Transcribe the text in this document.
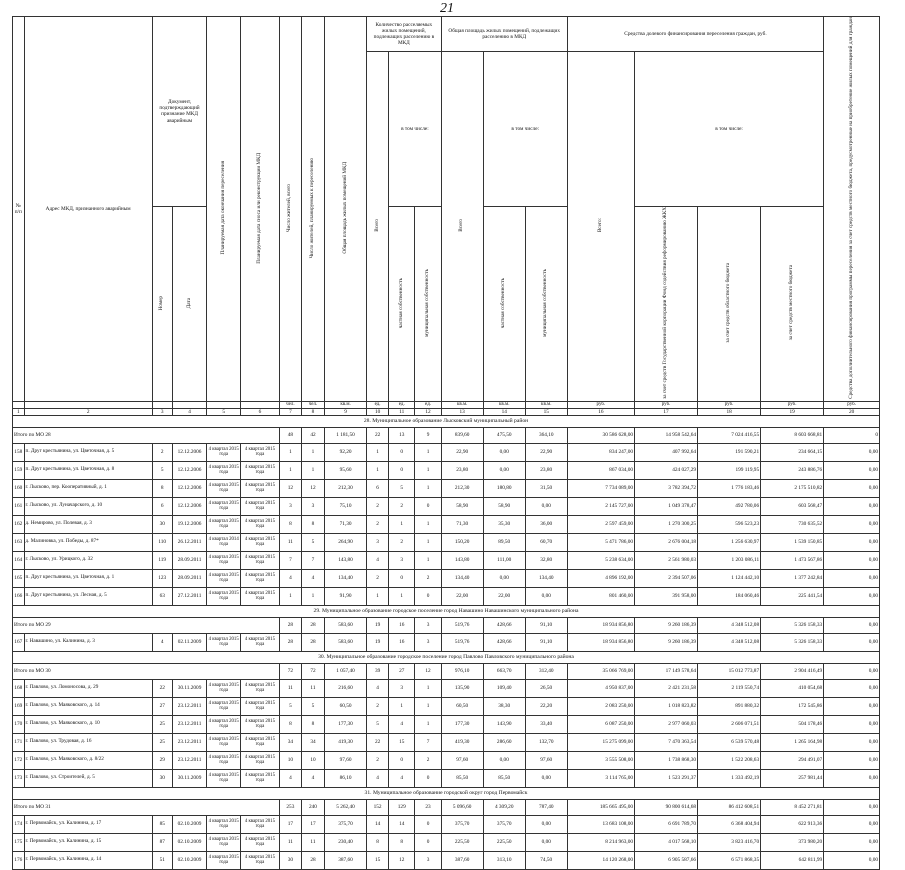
21
№ п/п	Адрес МКД, признанного аварийным	Документ, подтверждающий признание МКД аварийным		Планируемая дата окончания переселения	Планируемая дата сноса или реконструкции МКД	Число жителей, всего	Число жителей, планируемых к переселению	Общая площадь жилых помещений МКД	Количество расселяемых жилых помещений, подлежащих расселению в МКД			Общая площадь жилых помещений, подлежащих расселению в МКД			Средства долевого финансирования переселения граждан, руб.				Средства дополнительного финансирования программы переселения за счет средств местного бюджета, предусмотренные на приобретение жилых помещений для граждан
									Всего	в том числе:		Всего	в том числе:		Всего:	в том числе:			
		Номер	Дата							частная собственность	муниципальная собственность		частная собственность	муниципальная собственность		за счет средств Государственной корпорации Фонд содействия реформированию ЖКХ	за счет средств областного бюджета	за счет средств местного бюджета	
						чел.	чел.	кв.м.	ед.	ед.	ед.	кв.м.	кв.м.	кв.м.	руб.	руб.	руб.	руб.	руб.
1	2	3	4	5	6	7	8	9	10	11	12	13	14	15	16	17	18	19	20
28. Муниципальное образование Лысковский муниципальный район																			
Итого по МО 28						48	42	1 181,50	22	13	9	839,60	475,50	364,10	30 586 628,00	14 958 542,64	7 024 416,55	8 603 668,81	0
158	п. Друг крестьянина, ул. Цветочная, д. 5	2	12.12.2006	4 квартал 2015 года	4 квартал 2015 года	1	1	92,20	1	0	1	22,90	0,00	22,90	834 247,00	407 992,64	191 590,21	234 664,15	0,00
159	п. Друг крестьянина, ул. Цветочная, д. 8	5	12.12.2006	4 квартал 2015 года	4 квартал 2015 года	1	1	95,60	1	0	1	23,80	0,00	23,80	867 034,00	424 027,29	199 119,95	243 886,76	0,00
160	г. Лысково, пер. Кооперативный, д. 1	8	12.12.2006	4 квартал 2015 года	4 квартал 2015 года	12	12	212,30	6	5	1	212,30	180,80	31,50	7 734 089,00	3 782 394,72	1 776 183,46	2 175 510,82	0,00
161	г. Лысково, ул. Луначарского, д. 10	6	12.12.2006	4 квартал 2015 года	4 квартал 2015 года	3	3	75,10	2	2	0	58,90	58,90	0,00	2 145 727,00	1 049 378,47	492 780,06	603 568,47	0,00
162	д. Немирово, ул. Полевая, д. 3	30	19.12.2006	4 квартал 2015 года	4 квартал 2015 года	8	8	71,30	2	1	1	71,30	35,30	36,00	2 597 459,00	1 270 300,25	596 523,23	730 635,52	0,00
163	д. Малиновка, ул. Победы, д. 87*	110	26.12.2011	4 квартал 2014 года	4 квартал 2015 года	11	5	264,90	3	2	1	150,20	89,50	60,70	5 471 786,00	2 676 004,18	1 256 630,97	1 539 150,85	0,00
164	г. Лысково, ул. Урицкого, д. 32	119	28.09.2011	4 квартал 2015 года	4 квартал 2015 года	7	7	143,80	4	3	1	143,80	111,00	32,80	5 238 634,00	2 561 980,03	1 203 086,11	1 473 567,86	0,00
165	п. Друг крестьянина, ул. Цветочная, д. 1	123	28.09.2011	4 квартал 2015 года	4 квартал 2015 года	4	4	134,40	2	0	2	134,40	0,00	134,40	4 896 192,00	2 394 507,06	1 124 442,10	1 377 242,84	0,00
166	п. Друг крестьянина, ул. Лесная, д. 5	63	27.12.2011	4 квартал 2015 года	4 квартал 2015 года	1	1	91,90	1	1	0	22,00	22,00	0,00	801 460,00	391 958,00	184 060,46	225 441,54	0,00
29. Муниципальное образование городское поселение город Навашино Навашинского муниципального района																			
Итого по МО 29						28	28	583,60	19	16	3	519,76	428,66	91,10	18 934 856,80	9 260 186,39	4 348 512,08	5 326 158,33	0,00
167	г. Навашино, ул. Калинина, д. 3	4	02.11.2009	4 квартал 2015 года	4 квартал 2015 года	28	28	583,60	19	16	3	519,76	428,66	91,10	18 934 856,80	9 260 186,39	4 348 512,08	5 326 158,33	0,00
30. Муниципальное образование городское поселение город Павлово Павловского муниципального района																			
Итого по МО 30						72	72	1 057,40	39	27	12	976,10	663,70	312,40	35 066 769,00	17 149 578,64	15 012 773,87	2 904 416,49	0,00
168	г. Павлово, ул. Ломоносова, д. 29	22	30.11.2009	4 квартал 2015 года	4 квартал 2015 года	11	11	216,60	4	3	1	135,90	109,40	26,50	4 950 837,00	2 421 231,58	2 119 550,74	410 054,68	0,00
169	г. Павлово, ул. Маяковского, д. 14	27	23.12.2011	4 квартал 2015 года	4 квартал 2015 года	5	5	60,50	2	1	1	60,50	38,30	22,20	2 083 250,00	1 018 823,82	891 880,32	172 545,86	0,00
170	г. Павлово, ул. Маяковского, д. 10	25	23.12.2011	4 квартал 2015 года	4 квартал 2015 года	8	8	177,30	5	4	1	177,30	143,90	33,40	6 087 250,00	2 977 060,03	2 606 071,51	504 178,46	0,00
171	г. Павлово, ул. Трудовая, д. 16	25	23.12.2011	4 квартал 2015 года	4 квартал 2015 года	34	34	419,30	22	15	7	419,30	286,60	132,70	15 275 099,00	7 470 363,54	6 539 570,48	1 265 164,98	0,00
172	г. Павлово, ул. Маяковского, д. 8/22	29	23.12.2011	4 квартал 2015 года	4 квартал 2015 года	10	10	97,60	2	0	2	97,60	0,00	97,60	3 555 508,00	1 738 868,30	1 522 208,63	294 491,07	0,00
173	г. Павлово, ул. Строителей, д. 5	30	30.11.2009	4 квартал 2015 года	4 квартал 2015 года	4	4	86,10	4	4	0	85,50	85,50	0,00	3 114 765,00	1 523 291,37	1 333 492,19	257 981,44	0,00
31. Муниципальное образование городской округ город Первомайск																			
Итого по МО 31						253	240	5 262,40	152	129	23	5 096,60	4 309,20	787,40	185 665 495,00	90 800 614,68	86 412 608,51	8 452 271,81	0,00
174	г. Первомайск, ул. Калинина, д. 17	85	02.10.2009	4 квартал 2015 года	4 квартал 2015 года	17	17	375,70	14	14	0	375,70	375,70	0,00	13 683 108,00	6 691 789,70	6 368 404,94	622 913,36	0,00
175	г. Первомайск, ул. Калинина, д. 15	87	02.10.2009	4 квартал 2015 года	4 квартал 2015 года	11	11	230,40	8	8	0	225,50	225,50	0,00	8 214 963,00	4 017 568,10	3 823 416,70	373 980,20	0,00
176	г. Первомайск, ул. Калинина, д. 14	51	02.10.2009	4 квартал 2015 года	4 квартал 2015 года	30	28	387,60	15	12	3	387,60	313,10	74,50	14 120 268,00	6 905 587,66	6 571 868,35	642 811,99	0,00
